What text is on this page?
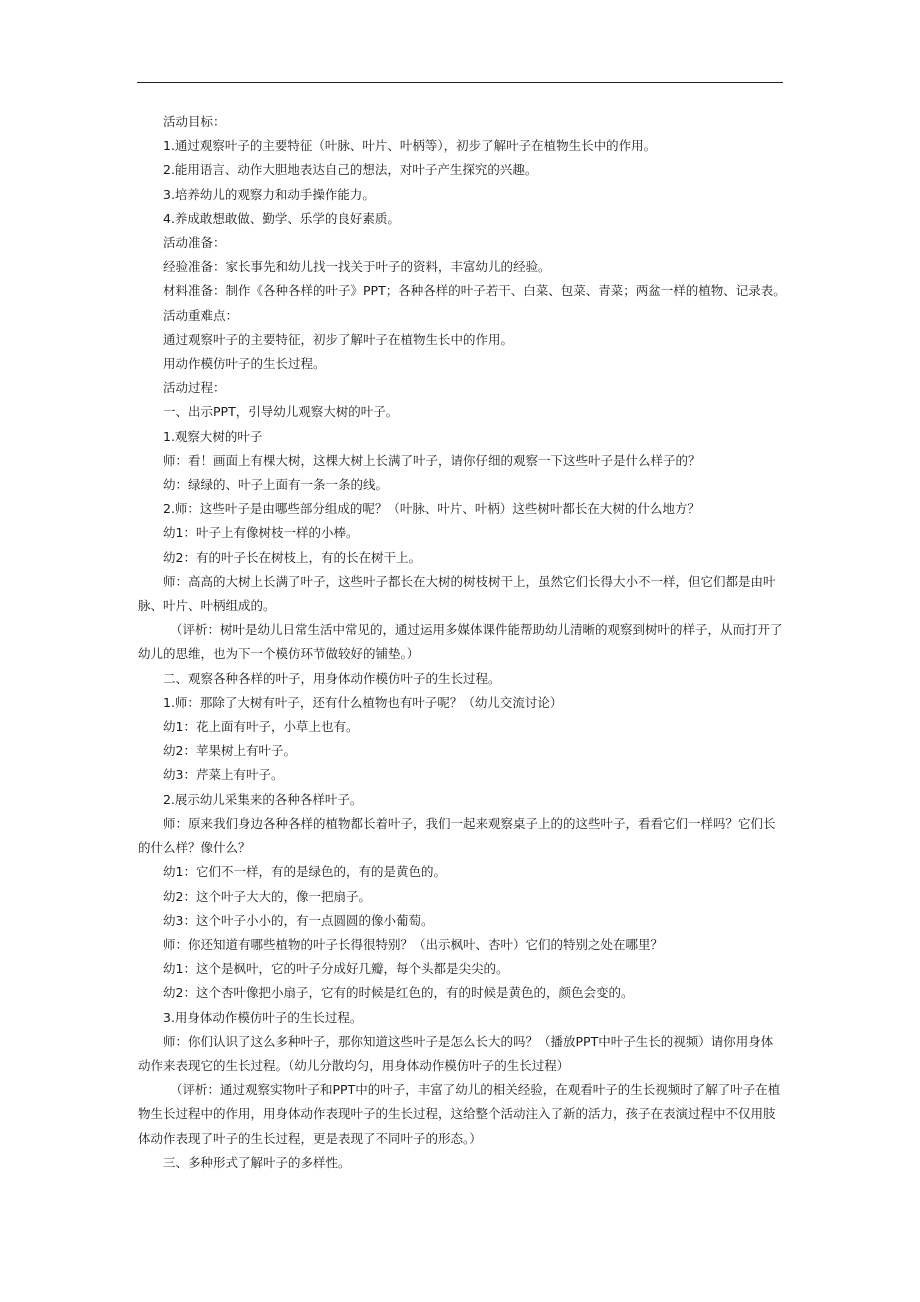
活动目标：
1.通过观察叶子的主要特征（叶脉、叶片、叶柄等），初步了解叶子在植物生长中的作用。
2.能用语言、动作大胆地表达自己的想法，对叶子产生探究的兴趣。
3.培养幼儿的观察力和动手操作能力。
4.养成敢想敢做、勤学、乐学的良好素质。
活动准备：
经验准备：家长事先和幼儿找一找关于叶子的资料，丰富幼儿的经验。
材料准备：制作《各种各样的叶子》PPT；各种各样的叶子若干、白菜、包菜、青菜；两盆一样的植物、记录表。
活动重难点：
通过观察叶子的主要特征，初步了解叶子在植物生长中的作用。
用动作模仿叶子的生长过程。
活动过程：
一、出示PPT，引导幼儿观察大树的叶子。
1.观察大树的叶子
师：看！画面上有棵大树，这棵大树上长满了叶子，请你仔细的观察一下这些叶子是什么样子的？
幼：绿绿的、叶子上面有一条一条的线。
2.师：这些叶子是由哪些部分组成的呢？（叶脉、叶片、叶柄）这些树叶都长在大树的什么地方？
幼1：叶子上有像树枝一样的小棒。
幼2：有的叶子长在树枝上，有的长在树干上。
师：高高的大树上长满了叶子，这些叶子都长在大树的树枝树干上，虽然它们长得大小不一样，但它们都是由叶脉、叶片、叶柄组成的。
（评析：树叶是幼儿日常生活中常见的，通过运用多媒体课件能帮助幼儿清晰的观察到树叶的样子，从而打开了幼儿的思维，也为下一个模仿环节做较好的铺垫。）
二、观察各种各样的叶子，用身体动作模仿叶子的生长过程。
1.师：那除了大树有叶子，还有什么植物也有叶子呢？（幼儿交流讨论）
幼1：花上面有叶子，小草上也有。
幼2：苹果树上有叶子。
幼3：芹菜上有叶子。
2.展示幼儿采集来的各种各样叶子。
师：原来我们身边各种各样的植物都长着叶子，我们一起来观察桌子上的的这些叶子，看看它们一样吗？它们长的什么样？像什么？
幼1：它们不一样，有的是绿色的，有的是黄色的。
幼2：这个叶子大大的，像一把扇子。
幼3：这个叶子小小的，有一点圆圆的像小葡萄。
师：你还知道有哪些植物的叶子长得很特别？（出示枫叶、杏叶）它们的特别之处在哪里？
幼1：这个是枫叶，它的叶子分成好几瓣，每个头都是尖尖的。
幼2：这个杏叶像把小扇子，它有的时候是红色的，有的时候是黄色的，颜色会变的。
3.用身体动作模仿叶子的生长过程。
师：你们认识了这么多种叶子，那你知道这些叶子是怎么长大的吗？（播放PPT中叶子生长的视频）请你用身体动作来表现它的生长过程。（幼儿分散均匀，用身体动作模仿叶子的生长过程）
（评析：通过观察实物叶子和PPT中的叶子，丰富了幼儿的相关经验，在观看叶子的生长视频时了解了叶子在植物生长过程中的作用，用身体动作表现叶子的生长过程，这给整个活动注入了新的活力，孩子在表演过程中不仅用肢体动作表现了叶子的生长过程，更是表现了不同叶子的形态。）
三、多种形式了解叶子的多样性。
